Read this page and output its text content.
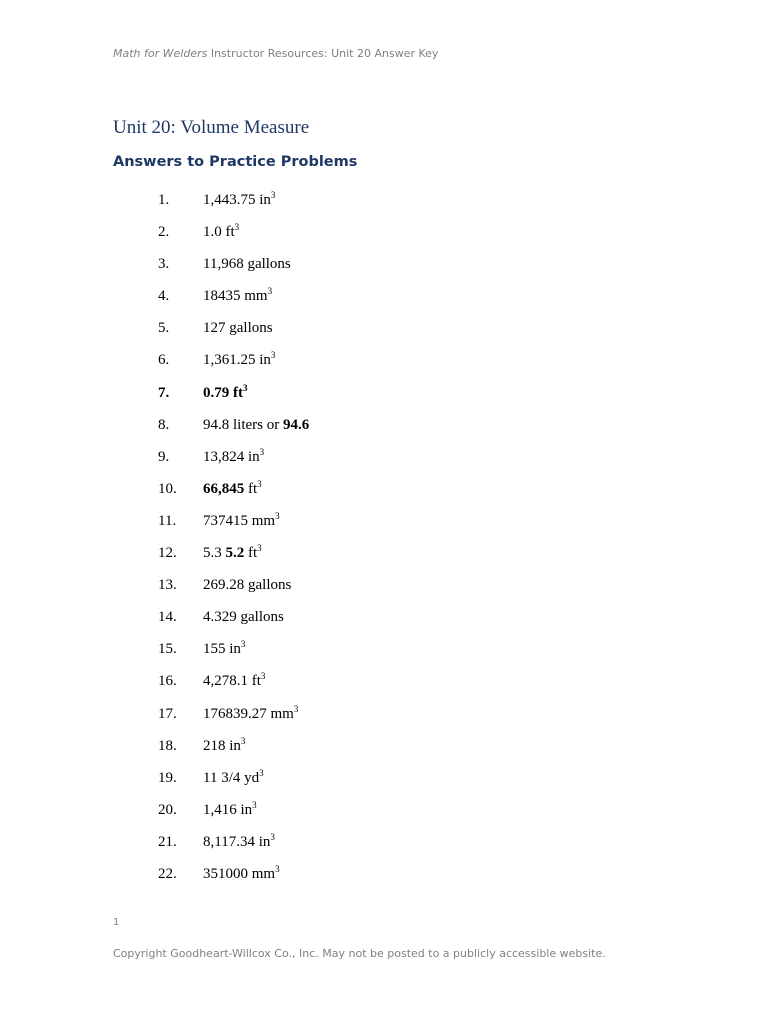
Math for Welders Instructor Resources: Unit 20 Answer Key
Unit 20: Volume Measure
Answers to Practice Problems
1. 1,443.75 $in^3$
2. 1.0 $ft^3$
3. 11,968 gallons
4. 18435 $mm^3$
5. 127 gallons
6. 1,361.25 $in^3$
7. 0.79 $ft^3$
8. 94.8 liters or 94.6
9. 13,824 $in^3$
10. 66,845 $ft^3$
11. 737415 $mm^3$
12. 5.3 5.2 $ft^3$
13. 269.28 gallons
14. 4.329 gallons
15. 155 $in^3$
16. 4,278.1 $ft^3$
17. 176839.27 $mm^3$
18. 218 $in^3$
19. 11 3/4 $yd^3$
20. 1,416 $in^3$
21. 8,117.34 $in^3$
22. 351000 $mm^3$
1
Copyright Goodheart-Willcox Co., Inc. May not be posted to a publicly accessible website.
